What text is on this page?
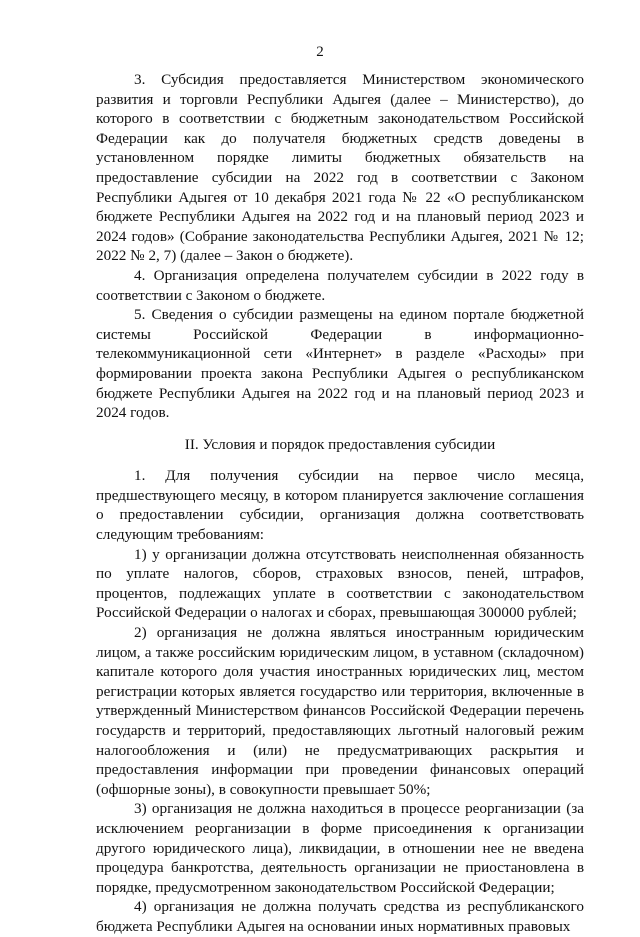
2

3. Субсидия предоставляется Министерством экономического развития и торговли Республики Адыгея (далее – Министерство), до которого в соответствии с бюджетным законодательством Российской Федерации как до получателя бюджетных средств доведены в установленном порядке лимиты бюджетных обязательств на предоставление субсидии на 2022 год в соответствии с Законом Республики Адыгея от 10 декабря 2021 года № 22 «О республиканском бюджете Республики Адыгея на 2022 год и на плановый период 2023 и 2024 годов» (Собрание законодательства Республики Адыгея, 2021 № 12; 2022 № 2, 7) (далее – Закон о бюджете).

4. Организация определена получателем субсидии в 2022 году в соответствии с Законом о бюджете.

5. Сведения о субсидии размещены на едином портале бюджетной системы Российской Федерации в информационно-телекоммуникационной сети «Интернет» в разделе «Расходы» при формировании проекта закона Республики Адыгея о республиканском бюджете Республики Адыгея на 2022 год и на плановый период 2023 и 2024 годов.

II. Условия и порядок предоставления субсидии

1. Для получения субсидии на первое число месяца, предшествующего месяцу, в котором планируется заключение соглашения о предоставлении субсидии, организация должна соответствовать следующим требованиям:

1) у организации должна отсутствовать неисполненная обязанность по уплате налогов, сборов, страховых взносов, пеней, штрафов, процентов, подлежащих уплате в соответствии с законодательством Российской Федерации о налогах и сборах, превышающая 300000 рублей;

2) организация не должна являться иностранным юридическим лицом, а также российским юридическим лицом, в уставном (складочном) капитале которого доля участия иностранных юридических лиц, местом регистрации которых является государство или территория, включенные в утвержденный Министерством финансов Российской Федерации перечень государств и территорий, предоставляющих льготный налоговый режим налогообложения и (или) не предусматривающих раскрытия и предоставления информации при проведении финансовых операций (офшорные зоны), в совокупности превышает 50%;

3) организация не должна находиться в процессе реорганизации (за исключением реорганизации в форме присоединения к организации другого юридического лица), ликвидации, в отношении нее не введена процедура банкротства, деятельность организации не приостановлена в порядке, предусмотренном законодательством Российской Федерации;

4) организация не должна получать средства из республиканского бюджета Республики Адыгея на основании иных нормативных правовых
